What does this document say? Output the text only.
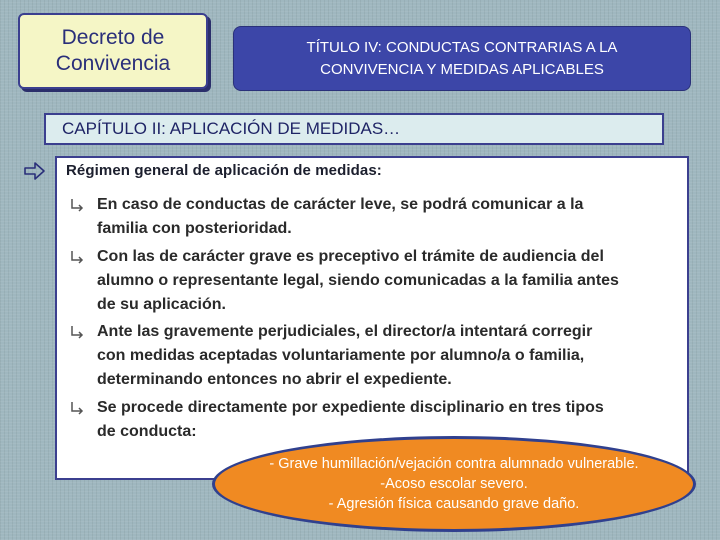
Decreto de
Convivencia
TÍTULO IV: CONDUCTAS CONTRARIAS A LA
CONVIVENCIA Y MEDIDAS APLICABLES
CAPÍTULO II: APLICACIÓN DE MEDIDAS…
Régimen general de aplicación de medidas:
En caso de conductas de carácter leve, se podrá comunicar a la
familia con posterioridad.
Con las de carácter grave es preceptivo el trámite de audiencia del
alumno o representante legal, siendo comunicadas a la familia antes
de su aplicación.
Ante las gravemente perjudiciales, el director/a intentará corregir
con medidas aceptadas voluntariamente por alumno/a o familia,
determinando entonces no abrir el expediente.
Se procede directamente por expediente disciplinario en tres tipos
de conducta:
- Grave humillación/vejación contra alumnado vulnerable.
-Acoso escolar severo.
- Agresión física causando grave daño.
